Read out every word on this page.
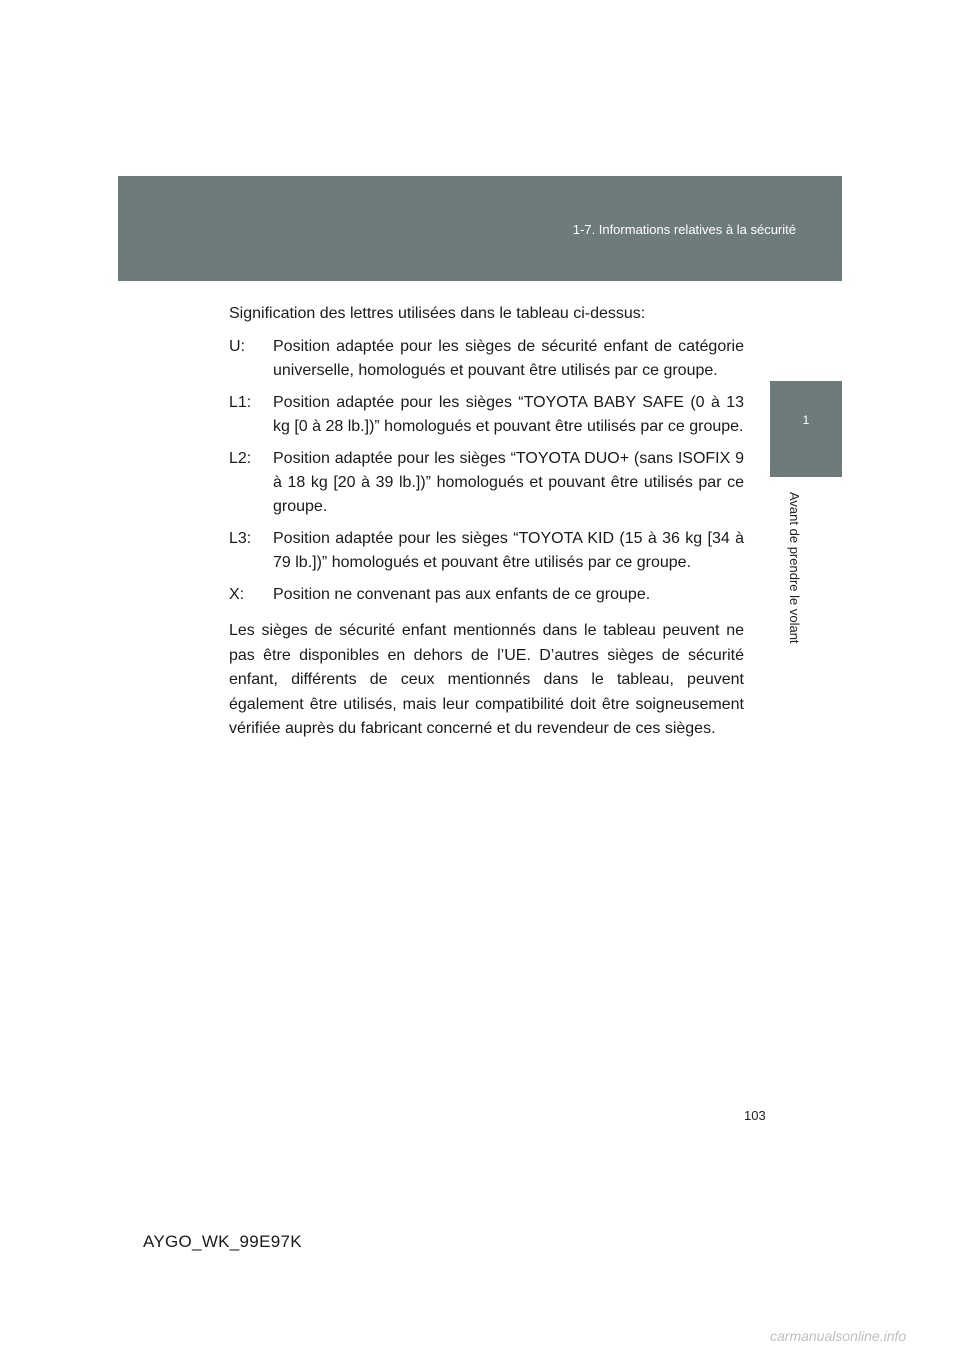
1-7. Informations relatives à la sécurité
1
Avant de prendre le volant

Signification des lettres utilisées dans le tableau ci-dessus:

U:	Position adaptée pour les sièges de sécurité enfant de catégorie universelle, homologués et pouvant être utilisés par ce groupe.
L1:	Position adaptée pour les sièges “TOYOTA BABY SAFE (0 à 13 kg [0 à 28 lb.])” homologués et pouvant être utilisés par ce groupe.
L2:	Position adaptée pour les sièges “TOYOTA DUO+ (sans ISOFIX 9 à 18 kg [20 à 39 lb.])” homologués et pouvant être utilisés par ce groupe.
L3:	Position adaptée pour les sièges “TOYOTA KID (15 à 36 kg [34 à 79 lb.])” homologués et pouvant être utilisés par ce groupe.
X:	Position ne convenant pas aux enfants de ce groupe.

Les sièges de sécurité enfant mentionnés dans le tableau peuvent ne pas être disponibles en dehors de l’UE. D’autres sièges de sécurité enfant, différents de ceux mentionnés dans le tableau, peuvent également être utilisés, mais leur compatibilité doit être soigneusement vérifiée auprès du fabricant concerné et du revendeur de ces sièges.

103
AYGO_WK_99E97K
carmanualsonline.info
